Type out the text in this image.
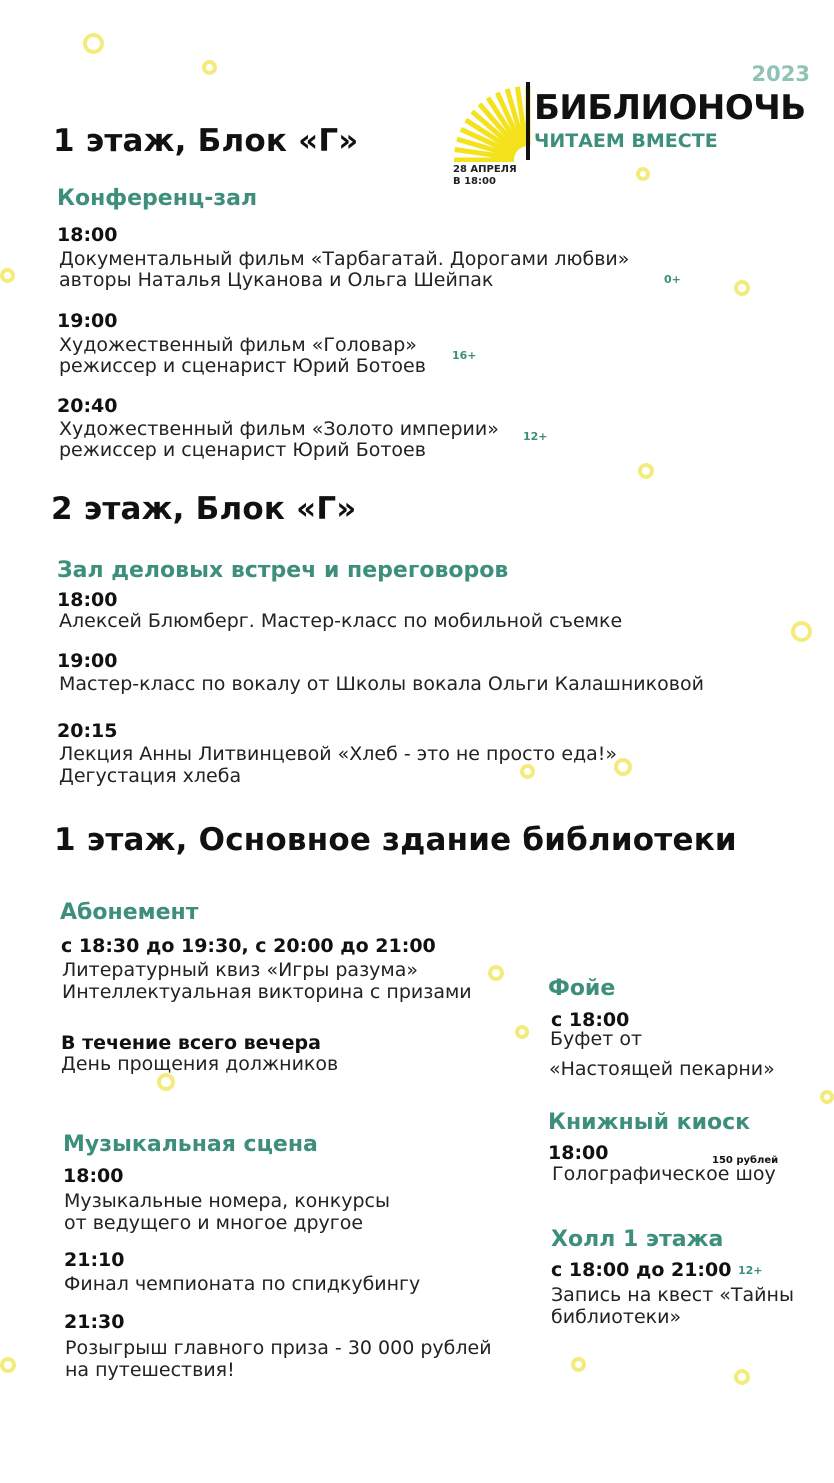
2023
БИБЛИОНОЧЬ
ЧИТАЕМ ВМЕСТЕ
28 АПРЕЛЯ
В 18:00
1 этаж, Блок «Г»
Конференц-зал
18:00
Документальный фильм «Тарбагатай. Дорогами любви»
авторы Наталья Цуканова и Ольга Шейпак	0+
19:00
Художественный фильм «Головар»
режиссер и сценарист Юрий Ботоев 16+
20:40
Художественный фильм «Золото империи»
режиссер и сценарист Юрий Ботоев
12+
2 этаж, Блок «Г»
Зал деловых встреч и переговоров
18:00
Алексей Блюмберг. Мастер-класс по мобильной съемке
19:00
Мастер-класс по вокалу от Школы вокала Ольги Калашниковой
20:15
Лекция Анны Литвинцевой «Хлеб - это не просто еда!»
Дегустация хлеба
1 этаж, Основное здание библиотеки
Абонемент
с 18:30 до 19:30, с 20:00 до 21:00
Литературный квиз «Игры разума»
Интеллектуальная викторина с призами
В течение всего вечера
День прощения должников
Музыкальная сцена
18:00
Музыкальные номера, конкурсы
от ведущего и многое другое
21:10
Финал чемпионата по спидкубингу
21:30
Розыгрыш главного приза - 30 000 рублей
на путешествия!
Фойе
с 18:00
Буфет от
«Настоящей пекарни»
Книжный киоск
18:00	150 рублей
Голографическое шоу
Холл 1 этажа
с 18:00 до 21:00 12+
Запись на квест «Тайны
библиотеки»
